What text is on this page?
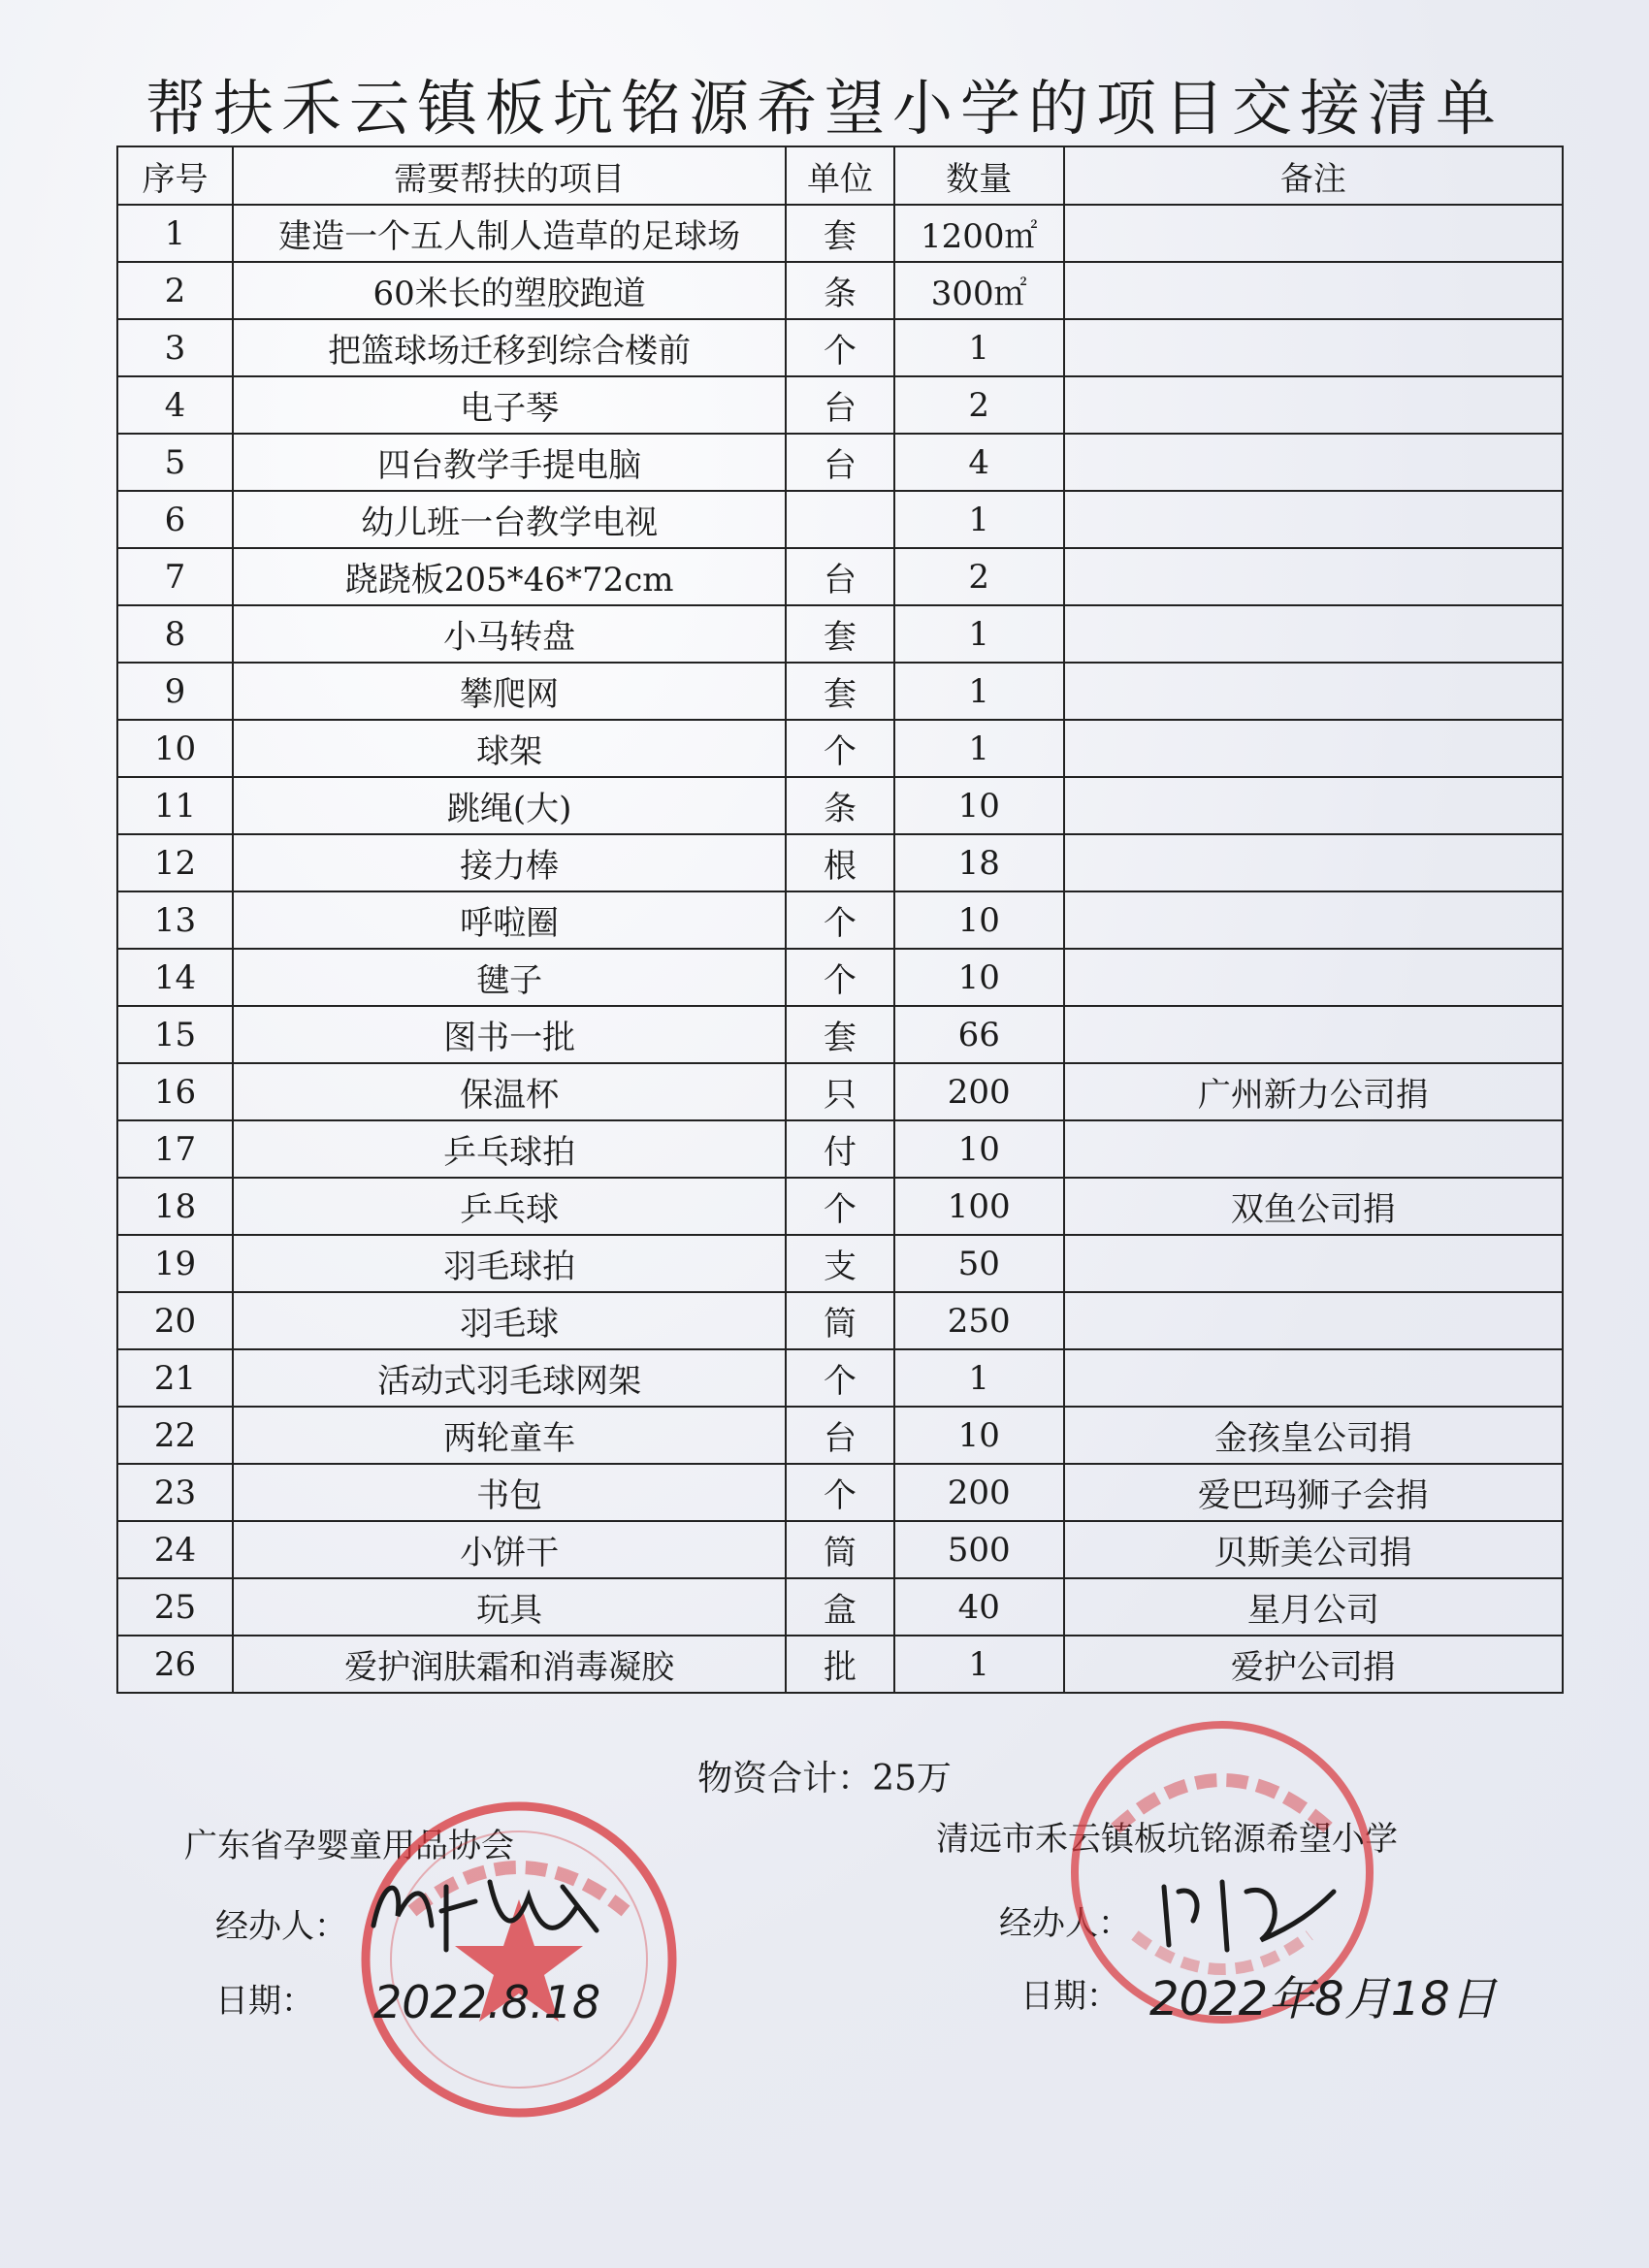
帮扶禾云镇板坑铭源希望小学的项目交接清单
序号	需要帮扶的项目	单位	数量	备注
1	建造一个五人制人造草的足球场	套	1200㎡	
2	60米长的塑胶跑道	条	300㎡	
3	把篮球场迁移到综合楼前	个	1	
4	电子琴	台	2	
5	四台教学手提电脑	台	4	
6	幼儿班一台教学电视		1	
7	跷跷板205*46*72cm	台	2	
8	小马转盘	套	1	
9	攀爬网	套	1	
10	球架	个	1	
11	跳绳(大)	条	10	
12	接力棒	根	18	
13	呼啦圈	个	10	
14	毽子	个	10	
15	图书一批	套	66	
16	保温杯	只	200	广州新力公司捐
17	乒乓球拍	付	10	
18	乒乓球	个	100	双鱼公司捐
19	羽毛球拍	支	50	
20	羽毛球	筒	250	
21	活动式羽毛球网架	个	1	
22	两轮童车	台	10	金孩皇公司捐
23	书包	个	200	爱巴玛狮子会捐
24	小饼干	筒	500	贝斯美公司捐
25	玩具	盒	40	星月公司
26	爱护润肤霜和消毒凝胶	批	1	爱护公司捐
物资合计：25万
广东省孕婴童用品协会
经办人：
日期：
清远市禾云镇板坑铭源希望小学
经办人：
日期：
2022.8.18	2022年8月18日
